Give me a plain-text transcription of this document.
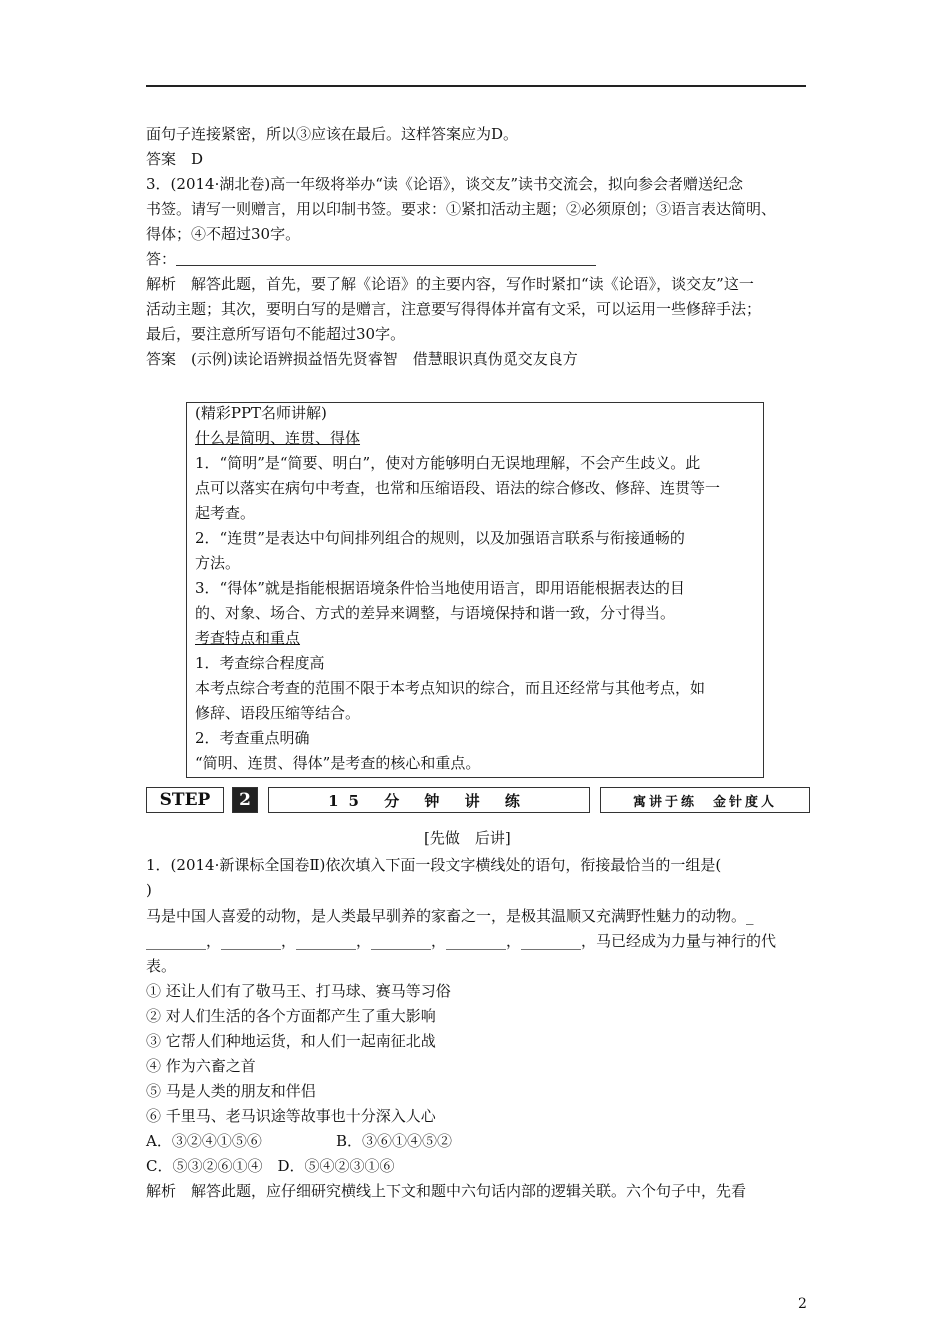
面句子连接紧密，所以③应该在最后。这样答案应为D。
答案　D
3．(2014·湖北卷)高一年级将举办“读《论语》，谈交友”读书交流会，拟向参会者赠送纪念
书签。请写一则赠言，用以印制书签。要求：①紧扣活动主题；②必须原创；③语言表达简明、
得体；④不超过30字。
答：
解析　解答此题，首先，要了解《论语》的主要内容，写作时紧扣“读《论语》，谈交友”这一
活动主题；其次，要明白写的是赠言，注意要写得得体并富有文采，可以运用一些修辞手法；
最后，要注意所写语句不能超过30字。
答案　(示例)读论语辨损益悟先贤睿智　借慧眼识真伪觅交友良方
(精彩PPT名师讲解)
什么是简明、连贯、得体
1．“简明”是“简要、明白”，使对方能够明白无误地理解，不会产生歧义。此
点可以落实在病句中考查，也常和压缩语段、语法的综合修改、修辞、连贯等一
起考查。
2．“连贯”是表达中句间排列组合的规则，以及加强语言联系与衔接通畅的
方法。
3．“得体”就是指能根据语境条件恰当地使用语言，即用语能根据表达的目
的、对象、场合、方式的差异来调整，与语境保持和谐一致，分寸得当。
考查特点和重点
1．考查综合程度高
本考点综合考查的范围不限于本考点知识的综合，而且还经常与其他考点，如
修辞、语段压缩等结合。
2．考查重点明确
“简明、连贯、得体”是考查的核心和重点。
STEP	2	15 分 钟 讲 练	寓讲于练　金针度人
[先做　后讲]
1．(2014·新课标全国卷Ⅱ)依次填入下面一段文字横线处的语句，衔接最恰当的一组是(
)
马是中国人喜爱的动物，是人类最早驯养的家畜之一，是极其温顺又充满野性魅力的动物。_
________，________，________，________，________，________，马已经成为力量与神行的代
表。
① 还让人们有了敬马王、打马球、赛马等习俗
② 对人们生活的各个方面都产生了重大影响
③ 它帮人们种地运货，和人们一起南征北战
④ 作为六畜之首
⑤ 马是人类的朋友和伴侣
⑥ 千里马、老马识途等故事也十分深入人心
A．③②④①⑤⑥	B．③⑥①④⑤②
C．⑤③②⑥①④　D．⑤④②③①⑥
解析　解答此题，应仔细研究横线上下文和题中六句话内部的逻辑关联。六个句子中，先看
2
